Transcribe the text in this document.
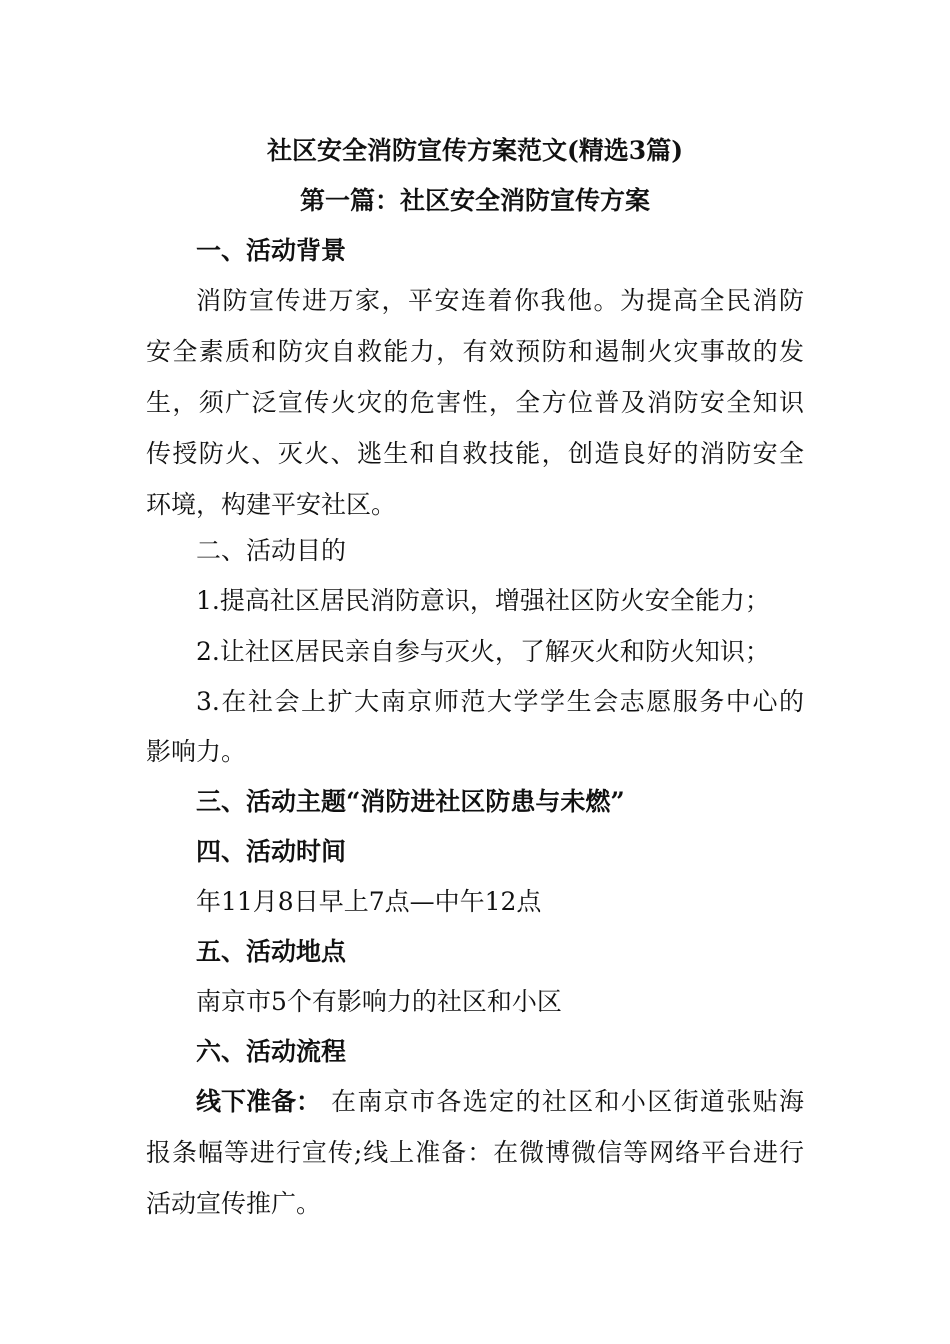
社区安全消防宣传方案范文(精选3篇)
第一篇：社区安全消防宣传方案
一、活动背景
消防宣传进万家，平安连着你我他。为提高全民消防
安全素质和防灾自救能力，有效预防和遏制火灾事故的发
生，须广泛宣传火灾的危害性，全方位普及消防安全知识
传授防火、灭火、逃生和自救技能，创造良好的消防安全
环境，构建平安社区。
二、活动目的
1.提高社区居民消防意识，增强社区防火安全能力；
2.让社区居民亲自参与灭火，了解灭火和防火知识；
3.在社会上扩大南京师范大学学生会志愿服务中心的
影响力。
三、活动主题“消防进社区防患与未燃”
四、活动时间
年11月8日早上7点—中午12点
五、活动地点
南京市5个有影响力的社区和小区
六、活动流程
线下准备： 在南京市各选定的社区和小区街道张贴海
报条幅等进行宣传;线上准备：在微博微信等网络平台进行
活动宣传推广。
